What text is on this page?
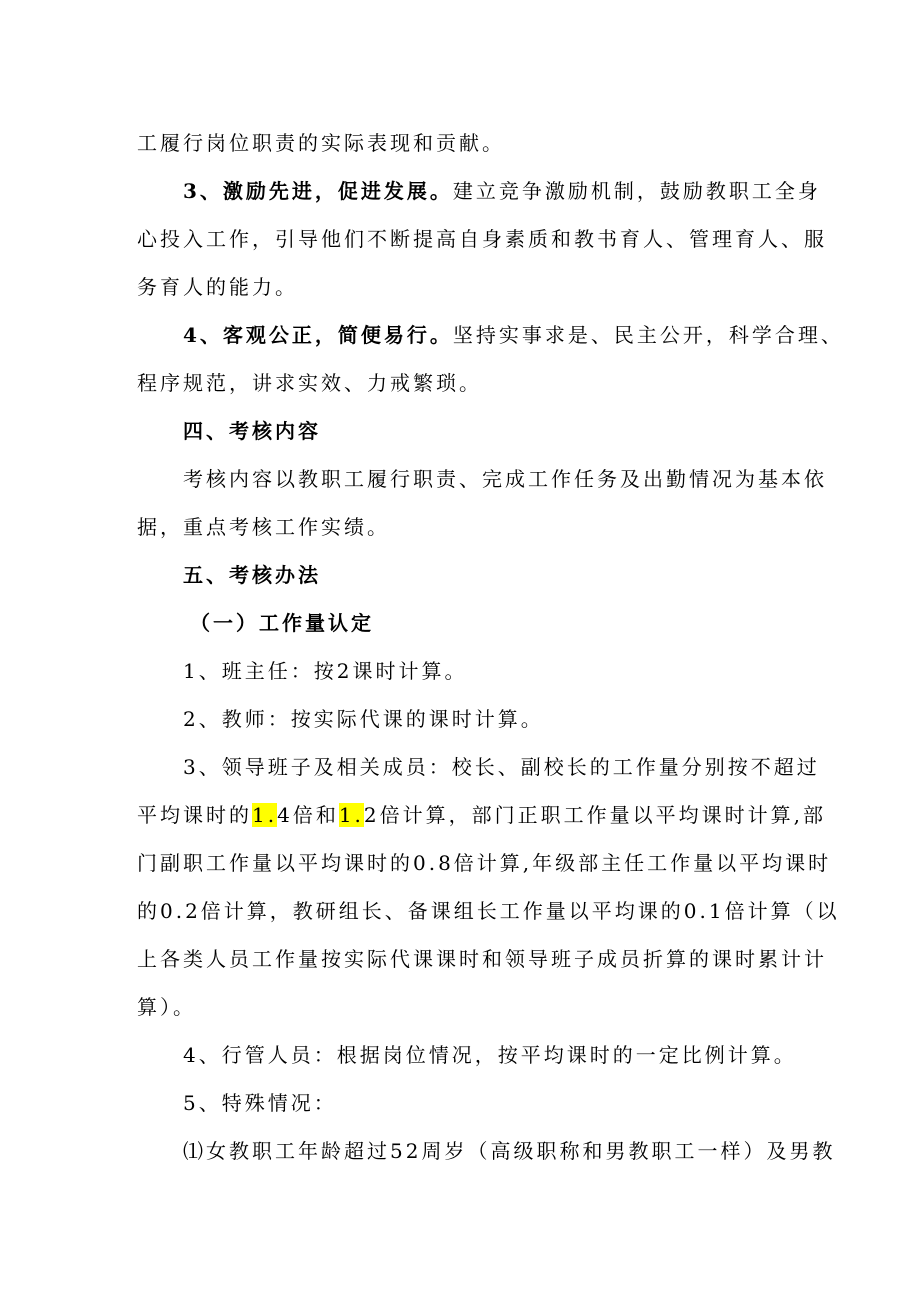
工履行岗位职责的实际表现和贡献。
3、激励先进，促进发展。建立竞争激励机制，鼓励教职工全身
心投入工作，引导他们不断提高自身素质和教书育人、管理育人、服
务育人的能力。
4、客观公正，简便易行。坚持实事求是、民主公开，科学合理、
程序规范，讲求实效、力戒繁琐。
四、考核内容
考核内容以教职工履行职责、完成工作任务及出勤情况为基本依
据，重点考核工作实绩。
五、考核办法
（一）工作量认定
1、班主任：按2课时计算。
2、教师：按实际代课的课时计算。
3、领导班子及相关成员：校长、副校长的工作量分别按不超过
平均课时的1.4倍和1.2倍计算，部门正职工作量以平均课时计算,部
门副职工作量以平均课时的0.8倍计算,年级部主任工作量以平均课时
的0.2倍计算，教研组长、备课组长工作量以平均课的0.1倍计算（以
上各类人员工作量按实际代课课时和领导班子成员折算的课时累计计
算）。
4、行管人员：根据岗位情况，按平均课时的一定比例计算。
5、特殊情况：
⑴女教职工年龄超过52周岁（高级职称和男教职工一样）及男教
